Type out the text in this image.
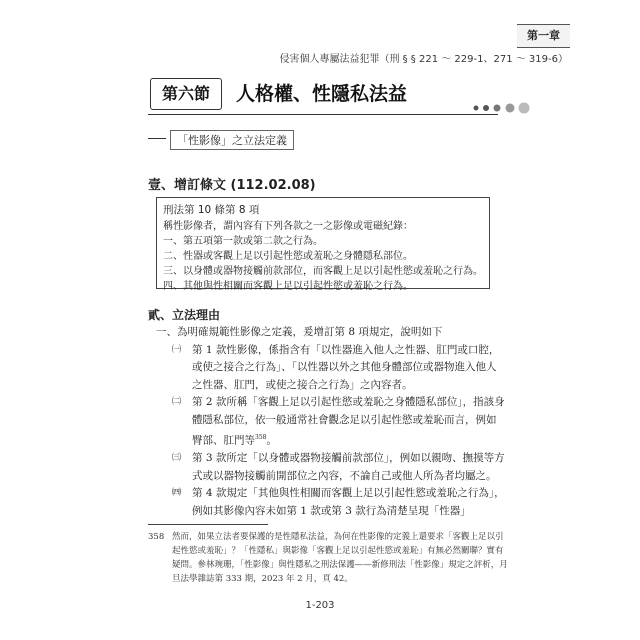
第一章
侵害個人專屬法益犯罪（刑 § § 221 ～ 229-1、271 ～ 319-6）
第六節	人格權、性隱私法益
「性影像」之立法定義
壹、增訂條文 (112.02.08)
刑法第 10 條第 8 項
稱性影像者，謂內容有下列各款之一之影像或電磁紀錄：
一、第五項第一款或第二款之行為。
二、性器或客觀上足以引起性慾或羞恥之身體隱私部位。
三、以身體或器物接觸前款部位，而客觀上足以引起性慾或羞恥之行為。
四、其他與性相關而客觀上足以引起性慾或羞恥之行為。
貳、立法理由

一、為明確規範性影像之定義，爰增訂第 8 項規定，說明如下

㈠ 第 1 款性影像，係指含有「以性器進入他人之性器、肛門或口腔，或使之接合之行為」、「以性器以外之其他身體部位或器物進入他人之性器、肛門，或使之接合之行為」之內容者。
㈡ 第 2 款所稱「客觀上足以引起性慾或羞恥之身體隱私部位」，指該身體隱私部位，依一般通常社會觀念足以引起性慾或羞恥而言，例如臀部、肛門等$^{358}$。
㈢ 第 3 款所定「以身體或器物接觸前款部位」，例如以親吻、撫摸等方式或以器物接觸前開部位之內容，不論自己或他人所為者均屬之。
㈣ 第 4 款規定「其他與性相關而客觀上足以引起性慾或羞恥之行為」，例如其影像內容未如第 1 款或第 3 款行為清楚呈現「性器」
358 然而，如果立法者要保護的是性隱私法益，為何在性影像的定義上還要求「客觀上足以引起性慾或羞恥」？「性隱私」與影像「客觀上足以引起性慾或羞恥」有無必然關聯？實有疑問。參林琬珊，「性影像」與性隱私之刑法保護——新修刑法「性影像」規定之評析，月旦法學雜誌第 333 期，2023 年 2 月，頁 42。
1-203
